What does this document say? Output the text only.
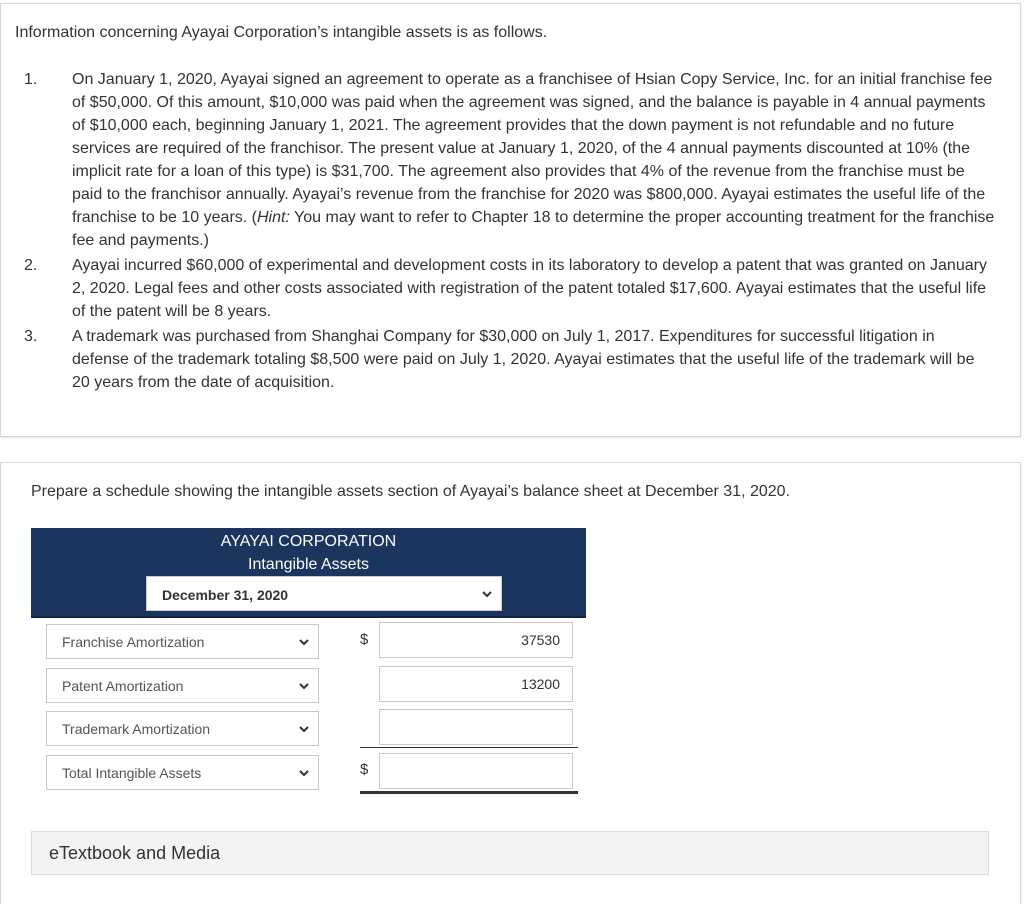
Information concerning Ayayai Corporation’s intangible assets is as follows.
1. On January 1, 2020, Ayayai signed an agreement to operate as a franchisee of Hsian Copy Service, Inc. for an initial franchise fee of $50,000. Of this amount, $10,000 was paid when the agreement was signed, and the balance is payable in 4 annual payments of $10,000 each, beginning January 1, 2021. The agreement provides that the down payment is not refundable and no future services are required of the franchisor. The present value at January 1, 2020, of the 4 annual payments discounted at 10% (the implicit rate for a loan of this type) is $31,700. The agreement also provides that 4% of the revenue from the franchise must be paid to the franchisor annually. Ayayai’s revenue from the franchise for 2020 was $800,000. Ayayai estimates the useful life of the franchise to be 10 years. (Hint: You may want to refer to Chapter 18 to determine the proper accounting treatment for the franchise fee and payments.)
2. Ayayai incurred $60,000 of experimental and development costs in its laboratory to develop a patent that was granted on January 2, 2020. Legal fees and other costs associated with registration of the patent totaled $17,600. Ayayai estimates that the useful life of the patent will be 8 years.
3. A trademark was purchased from Shanghai Company for $30,000 on July 1, 2017. Expenditures for successful litigation in defense of the trademark totaling $8,500 were paid on July 1, 2020. Ayayai estimates that the useful life of the trademark will be 20 years from the date of acquisition.
Prepare a schedule showing the intangible assets section of Ayayai’s balance sheet at December 31, 2020.
AYAYAI CORPORATION
Intangible Assets
December 31, 2020
Franchise Amortization	$	37530
Patent Amortization	13200
Trademark Amortization
Total Intangible Assets	$
eTextbook and Media
